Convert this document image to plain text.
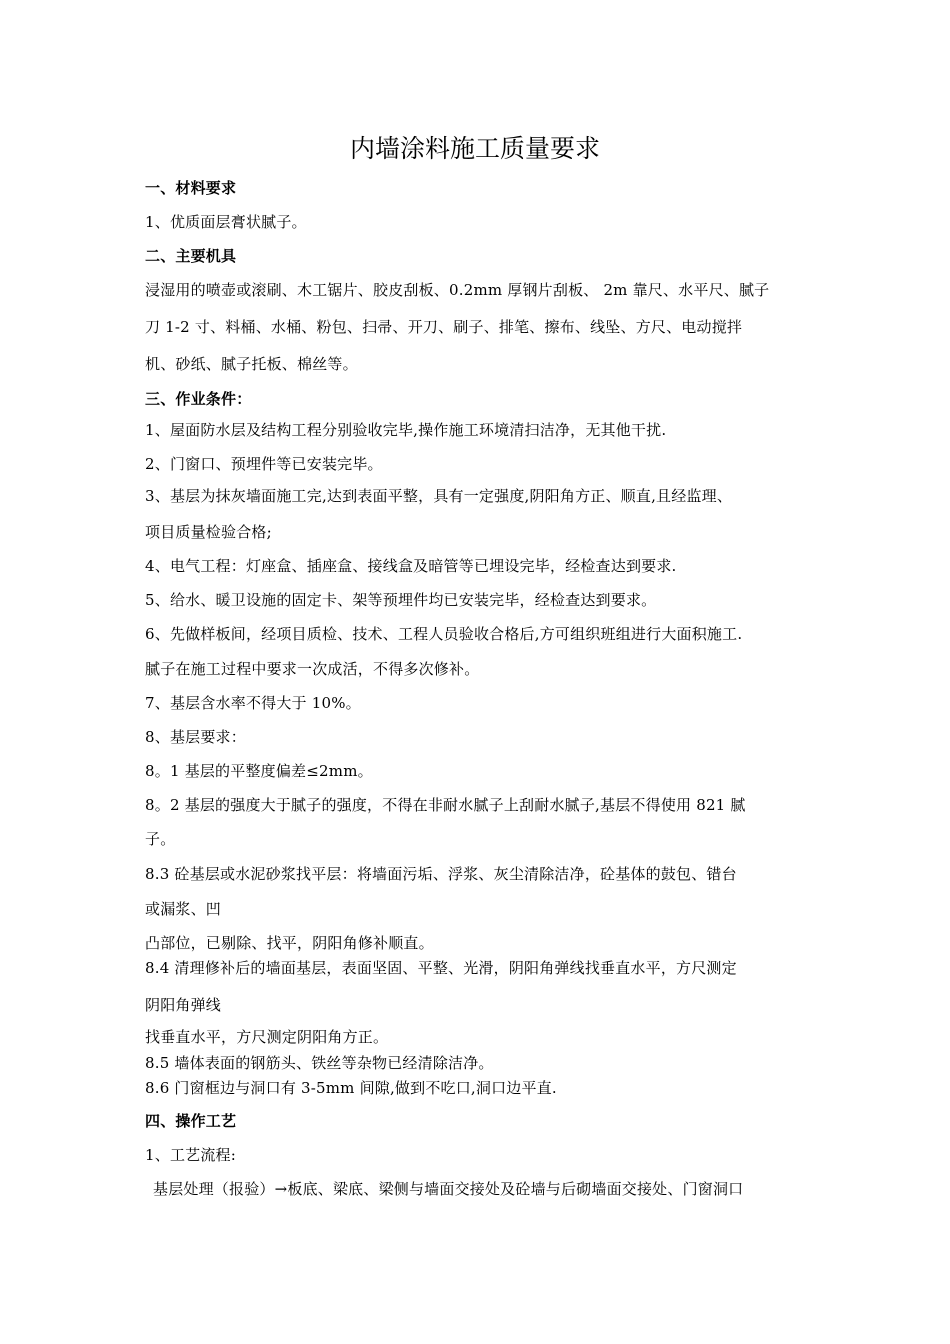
内墙涂料施工质量要求

一、材料要求

1、优质面层膏状腻子。

二、主要机具

浸湿用的喷壶或滚刷、木工锯片、胶皮刮板、0.2mm 厚钢片刮板、 2m 靠尺、水平尺、腻子

刀 1-2 寸、料桶、水桶、粉包、扫帚、开刀、刷子、排笔、擦布、线坠、方尺、电动搅拌

机、砂纸、腻子托板、棉丝等。

三、作业条件：

1、屋面防水层及结构工程分别验收完毕,操作施工环境清扫洁净，无其他干扰.

2、门窗口、预埋件等已安装完毕。

3、基层为抹灰墙面施工完,达到表面平整，具有一定强度,阴阳角方正、顺直,且经监理、

项目质量检验合格;

4、电气工程：灯座盒、插座盒、接线盒及暗管等已埋设完毕，经检查达到要求.

5、给水、暖卫设施的固定卡、架等预埋件均已安装完毕，经检查达到要求。

6、先做样板间，经项目质检、技术、工程人员验收合格后,方可组织班组进行大面积施工.

腻子在施工过程中要求一次成活，不得多次修补。

7、基层含水率不得大于 10%。

8、基层要求：

8。1 基层的平整度偏差≤2mm。

8。2 基层的强度大于腻子的强度，不得在非耐水腻子上刮耐水腻子,基层不得使用 821 腻

子。

8.3 砼基层或水泥砂浆找平层：将墙面污垢、浮浆、灰尘清除洁净，砼基体的鼓包、错台

或漏浆、凹

凸部位，已剔除、找平，阴阳角修补顺直。

8.4 清理修补后的墙面基层，表面坚固、平整、光滑，阴阳角弹线找垂直水平，方尺测定

阴阳角弹线

找垂直水平，方尺测定阴阳角方正。

8.5 墙体表面的钢筋头、铁丝等杂物已经清除洁净。

8.6 门窗框边与洞口有 3-5mm 间隙,做到不吃口,洞口边平直.

四、操作工艺

1、工艺流程:

基层处理（报验）→板底、梁底、梁侧与墙面交接处及砼墙与后砌墙面交接处、门窗洞口
